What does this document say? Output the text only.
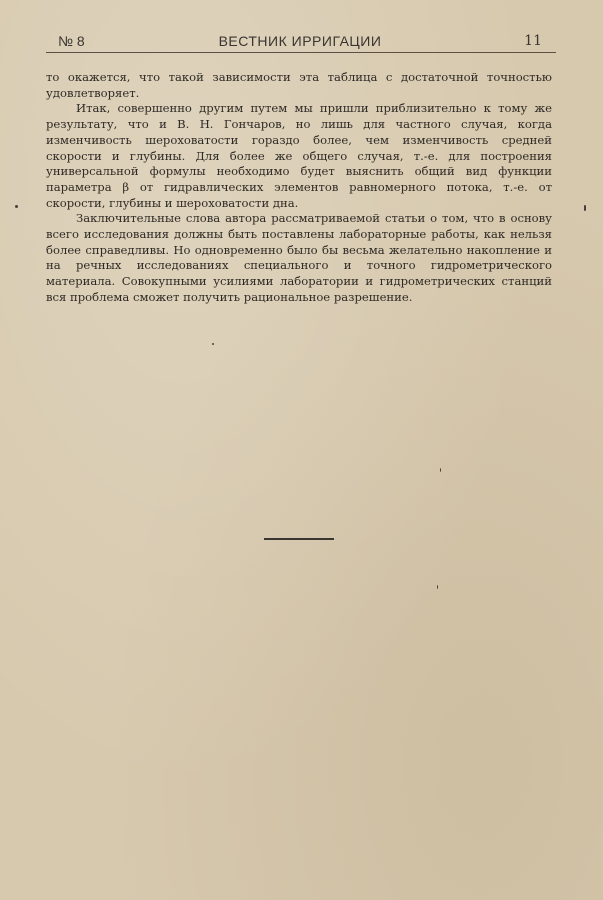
№ 8	ВЕСТНИК ИРРИГАЦИИ	11

то окажется, что такой зависимости эта таблица с достаточной точностью удовлетворяет.

Итак, совершенно другим путем мы пришли приблизительно к тому же результату, что и В. Н. Гончаров, но лишь для частного случая, когда изменчивость шероховатости гораздо более, чем изменчивость средней скорости и глубины. Для более же общего случая, т.-е. для построения универсальной формулы необходимо будет выяснить общий вид функции параметра β от гидравлических элементов равномерного потока, т.-е. от скорости, глубины и шероховатости дна.

Заключительные слова автора рассматриваемой статьи о том, что в основу всего исследования должны быть поставлены лабораторные работы, как нельзя более справедливы. Но одновременно было бы весьма желательно накопление и на речных исследованиях специального и точного гидрометрического материала. Совокупными усилиями лаборатории и гидрометрических станций вся проблема сможет получить рациональное разрешение.
